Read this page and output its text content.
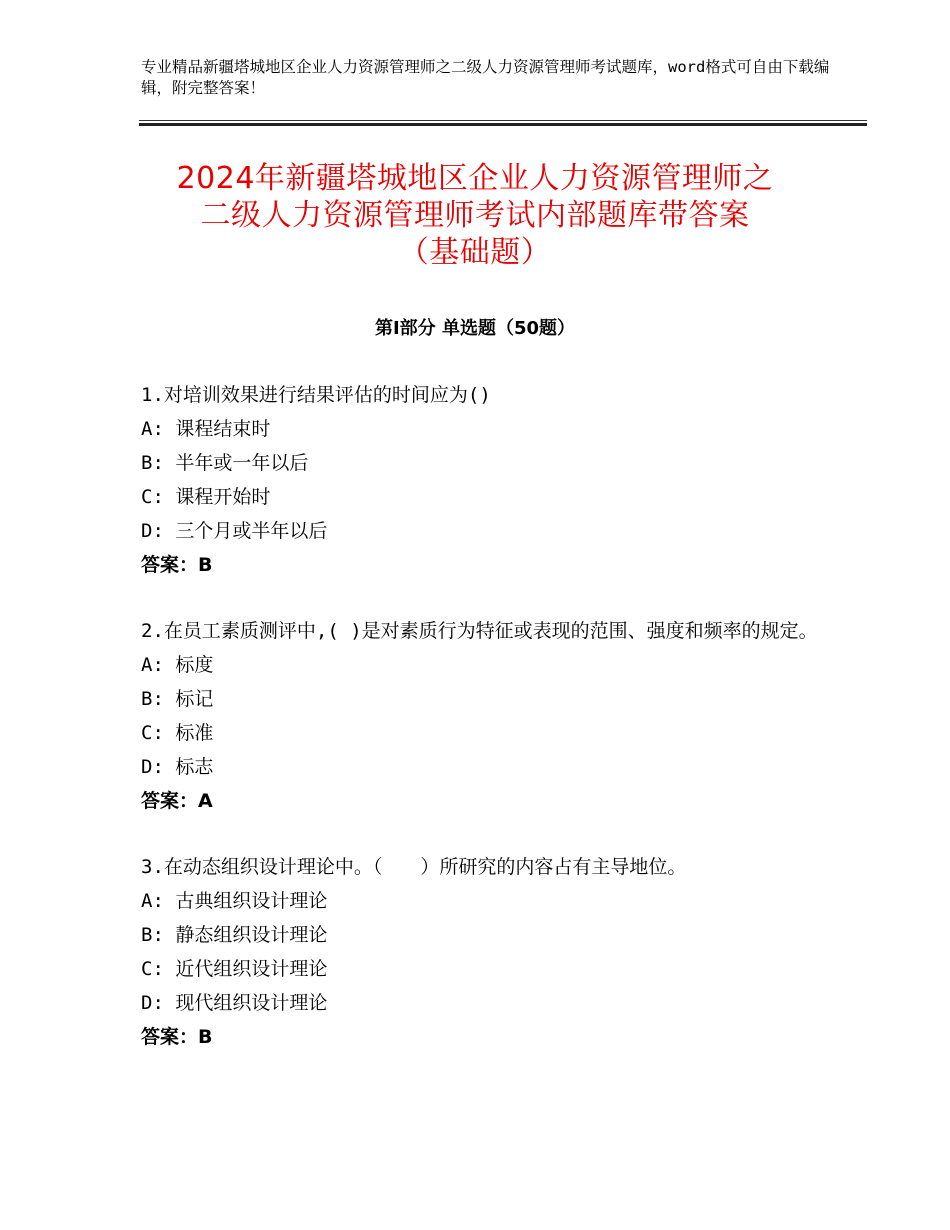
专业精品新疆塔城地区企业人力资源管理师之二级人力资源管理师考试题库，word格式可自由下载编辑，附完整答案！
2024年新疆塔城地区企业人力资源管理师之
二级人力资源管理师考试内部题库带答案
（基础题）
第Ⅰ部分 单选题（50题）
1.对培训效果进行结果评估的时间应为()
A: 课程结束时
B: 半年或一年以后
C: 课程开始时
D: 三个月或半年以后
答案：B
2.在员工素质测评中,( )是对素质行为特征或表现的范围、强度和频率的规定。
A: 标度
B: 标记
C: 标准
D: 标志
答案：A
3.在动态组织设计理论中。（　　）所研究的内容占有主导地位。
A: 古典组织设计理论
B: 静态组织设计理论
C: 近代组织设计理论
D: 现代组织设计理论
答案：B
